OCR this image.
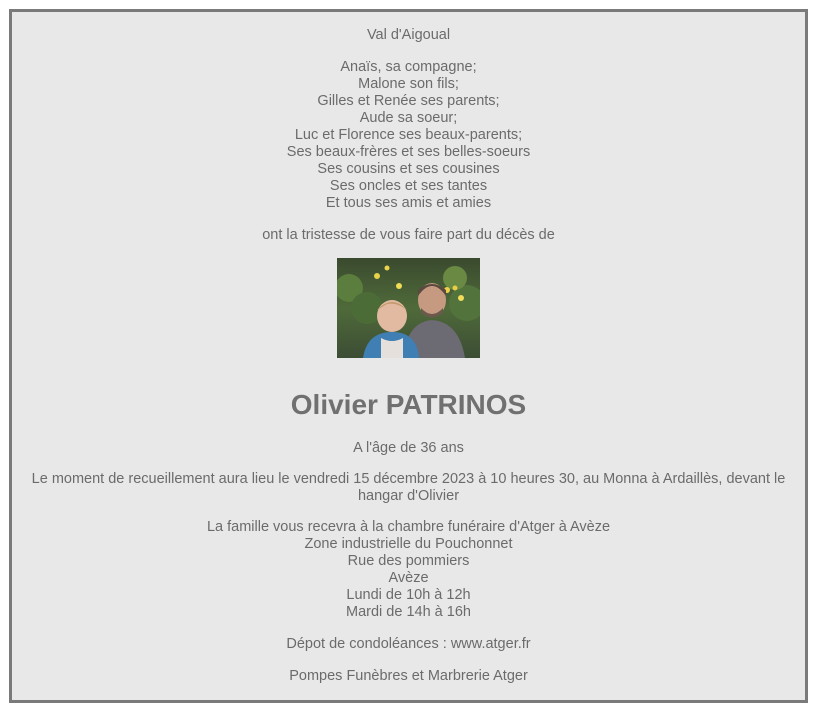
Val d'Aigoual
Anaïs, sa compagne;
Malone son fils;
Gilles et Renée ses parents;
Aude sa soeur;
Luc et Florence ses beaux-parents;
Ses beaux-frères et ses belles-soeurs
Ses cousins et ses cousines
Ses oncles et ses tantes
Et tous ses amis et amies
ont la tristesse de vous faire part du décès de
Olivier PATRINOS
A l'âge de 36 ans
Le moment de recueillement aura lieu le vendredi 15 décembre 2023 à 10 heures 30, au Monna à Ardaillès, devant le hangar d'Olivier
La famille vous recevra à la chambre funéraire d'Atger à Avèze
Zone industrielle du Pouchonnet
Rue des pommiers
Avèze
Lundi de 10h à 12h
Mardi de 14h à 16h
Dépot de condoléances : www.atger.fr
Pompes Funèbres et Marbrerie Atger
